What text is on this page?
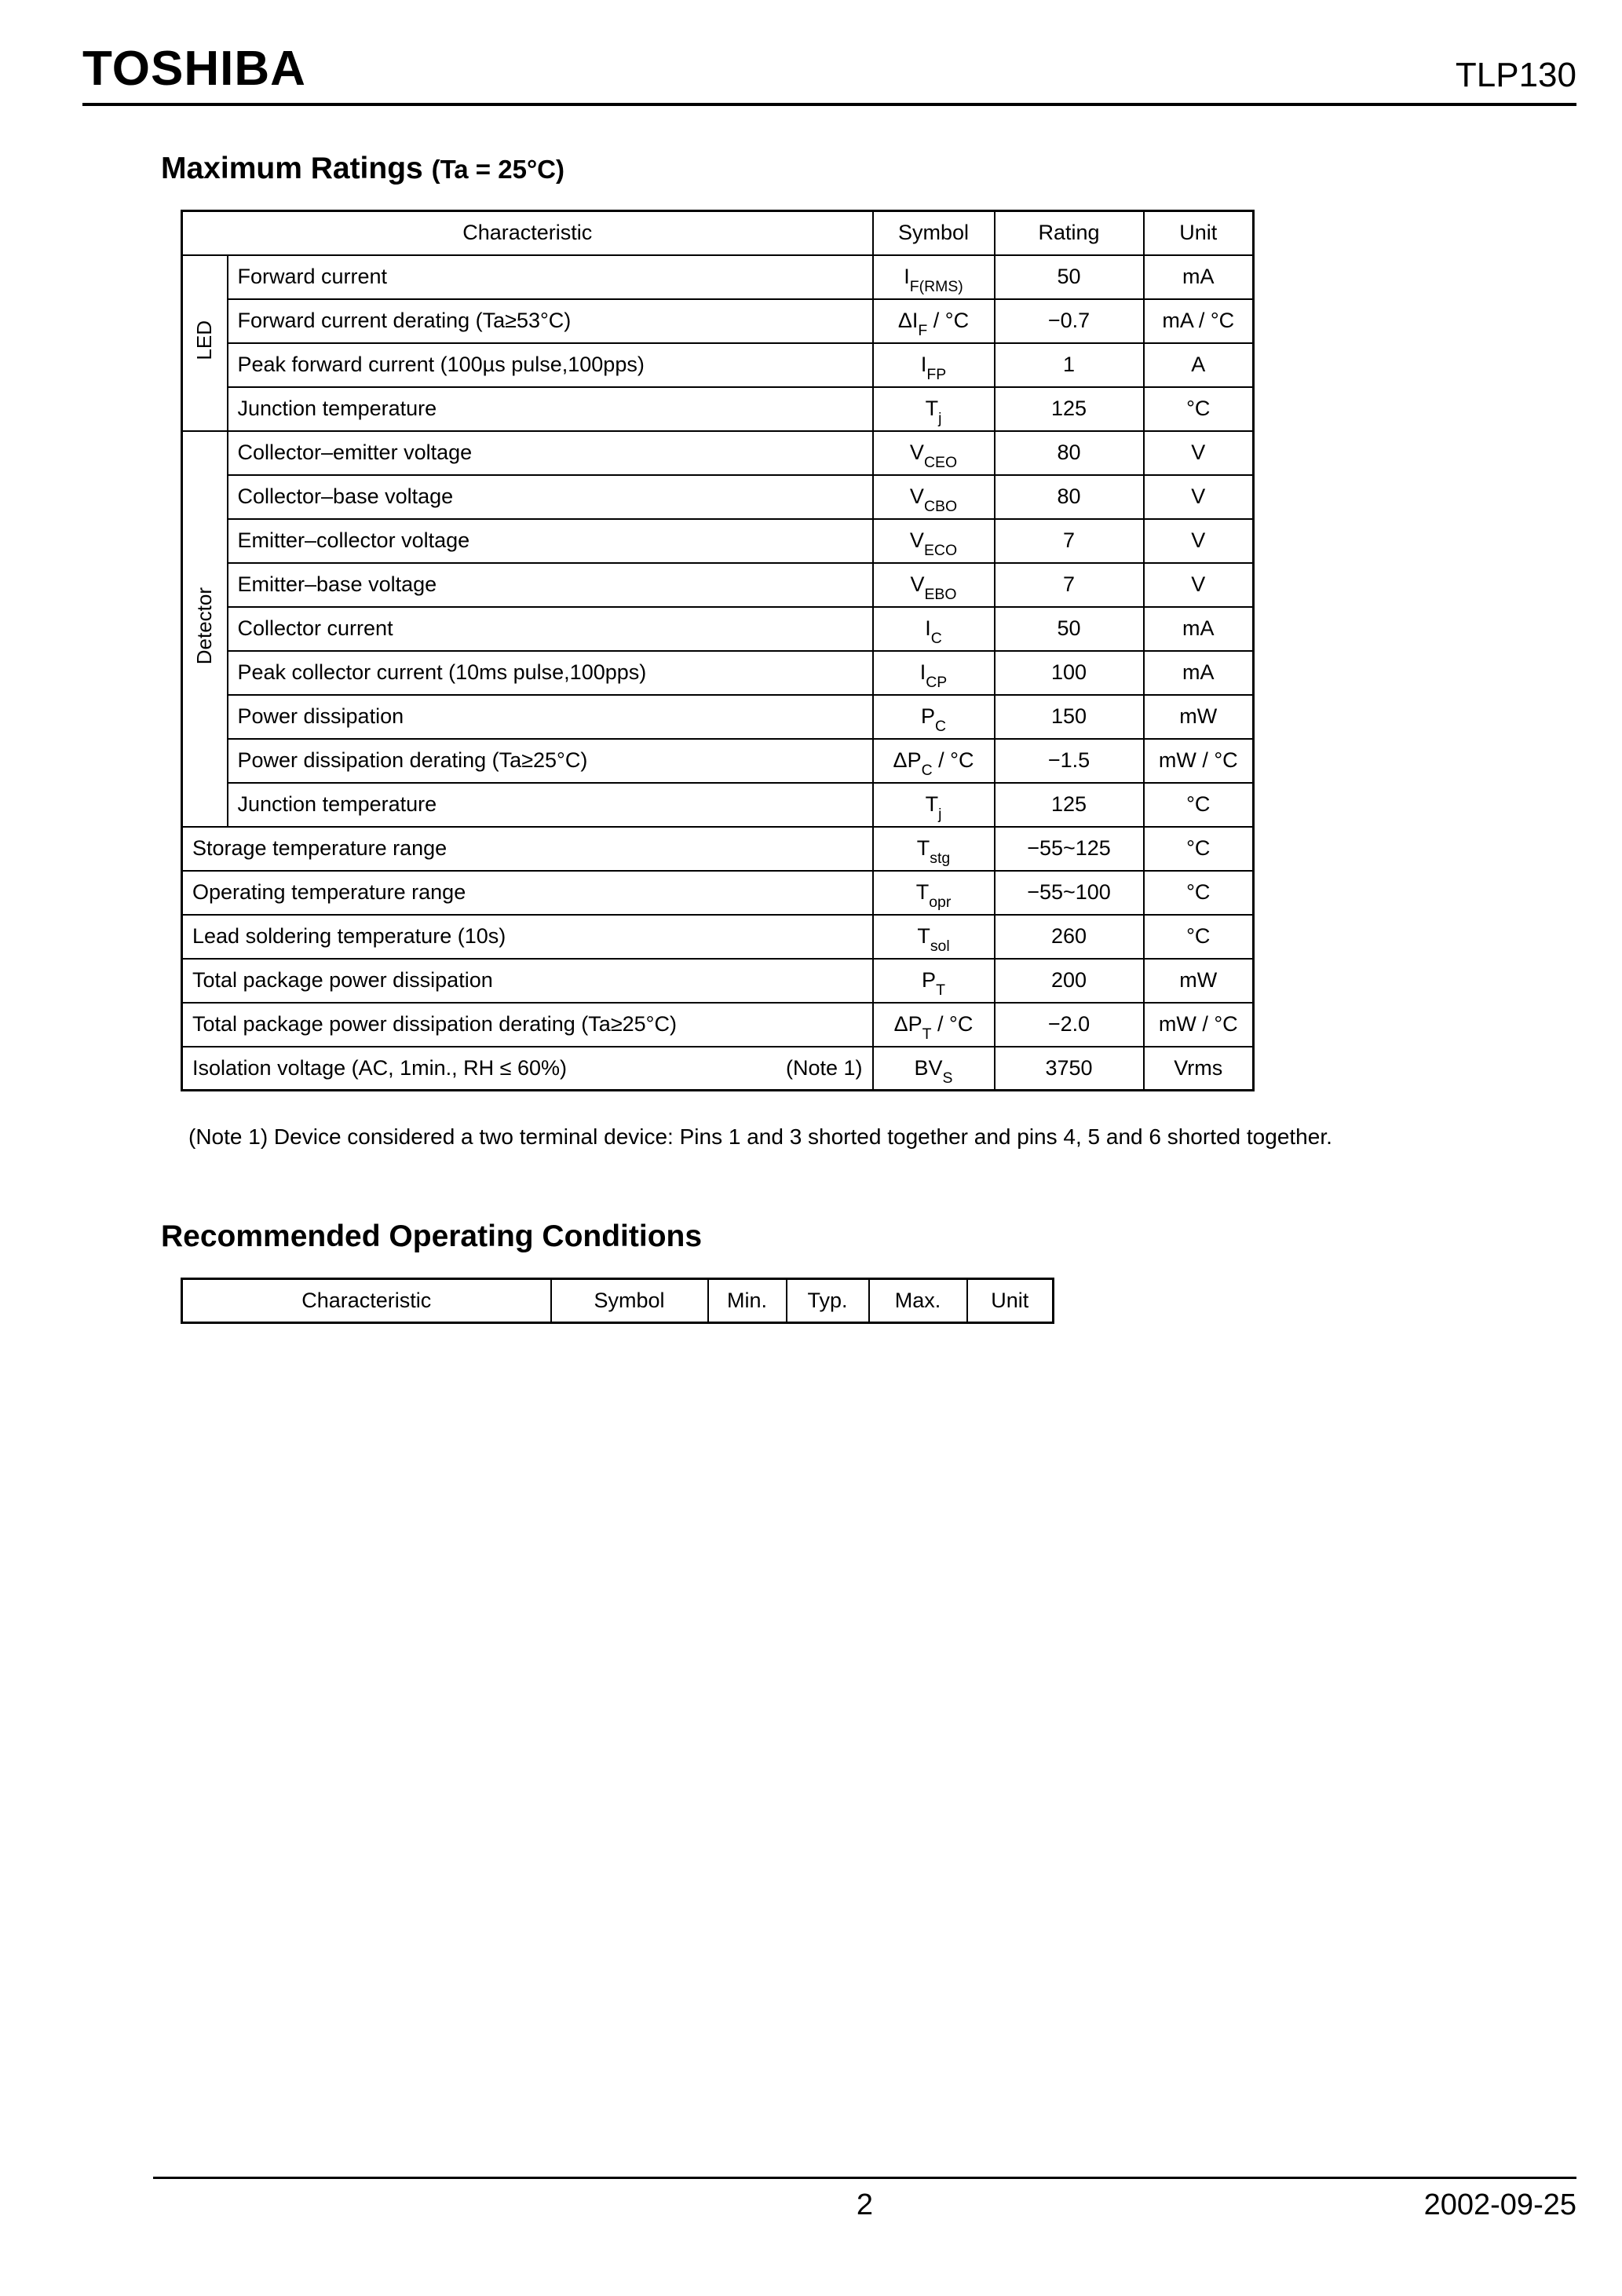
TOSHIBA	TLP130
Maximum Ratings (Ta = 25°C)
Characteristic		Symbol	Rating	Unit
LED	Forward current	$I_{F(RMS)}$	50	mA
	Forward current derating (Ta≥53°C)	$\Delta I_F / ^\circ C$	−0.7	mA / °C
	Peak forward current (100µs pulse,100pps)	$I_{FP}$	1	A
	Junction temperature	$T_j$	125	°C
Detector	Collector–emitter voltage	$V_{CEO}$	80	V
	Collector–base voltage	$V_{CBO}$	80	V
	Emitter–collector voltage	$V_{ECO}$	7	V
	Emitter–base voltage	$V_{EBO}$	7	V
	Collector current	$I_C$	50	mA
	Peak collector current (10ms pulse,100pps)	$I_{CP}$	100	mA
	Power dissipation	$P_C$	150	mW
	Power dissipation derating (Ta≥25°C)	$\Delta P_C / ^\circ C$	−1.5	mW / °C
	Junction temperature	$T_j$	125	°C
Storage temperature range		$T_{stg}$	−55~125	°C
Operating temperature range		$T_{opr}$	−55~100	°C
Lead soldering temperature (10s)		$T_{sol}$	260	°C
Total package power dissipation		$P_T$	200	mW
Total package power dissipation derating (Ta≥25°C)		$\Delta P_T / ^\circ C$	−2.0	mW / °C
Isolation voltage (AC, 1min., RH ≤ 60%) (Note 1)		$BV_S$	3750	Vrms

(Note 1) Device considered a two terminal device: Pins 1 and 3 shorted together and pins 4, 5 and 6 shorted together.

Recommended Operating Conditions
Characteristic	Symbol	Min.	Typ.	Max.	Unit
2	2002-09-25
